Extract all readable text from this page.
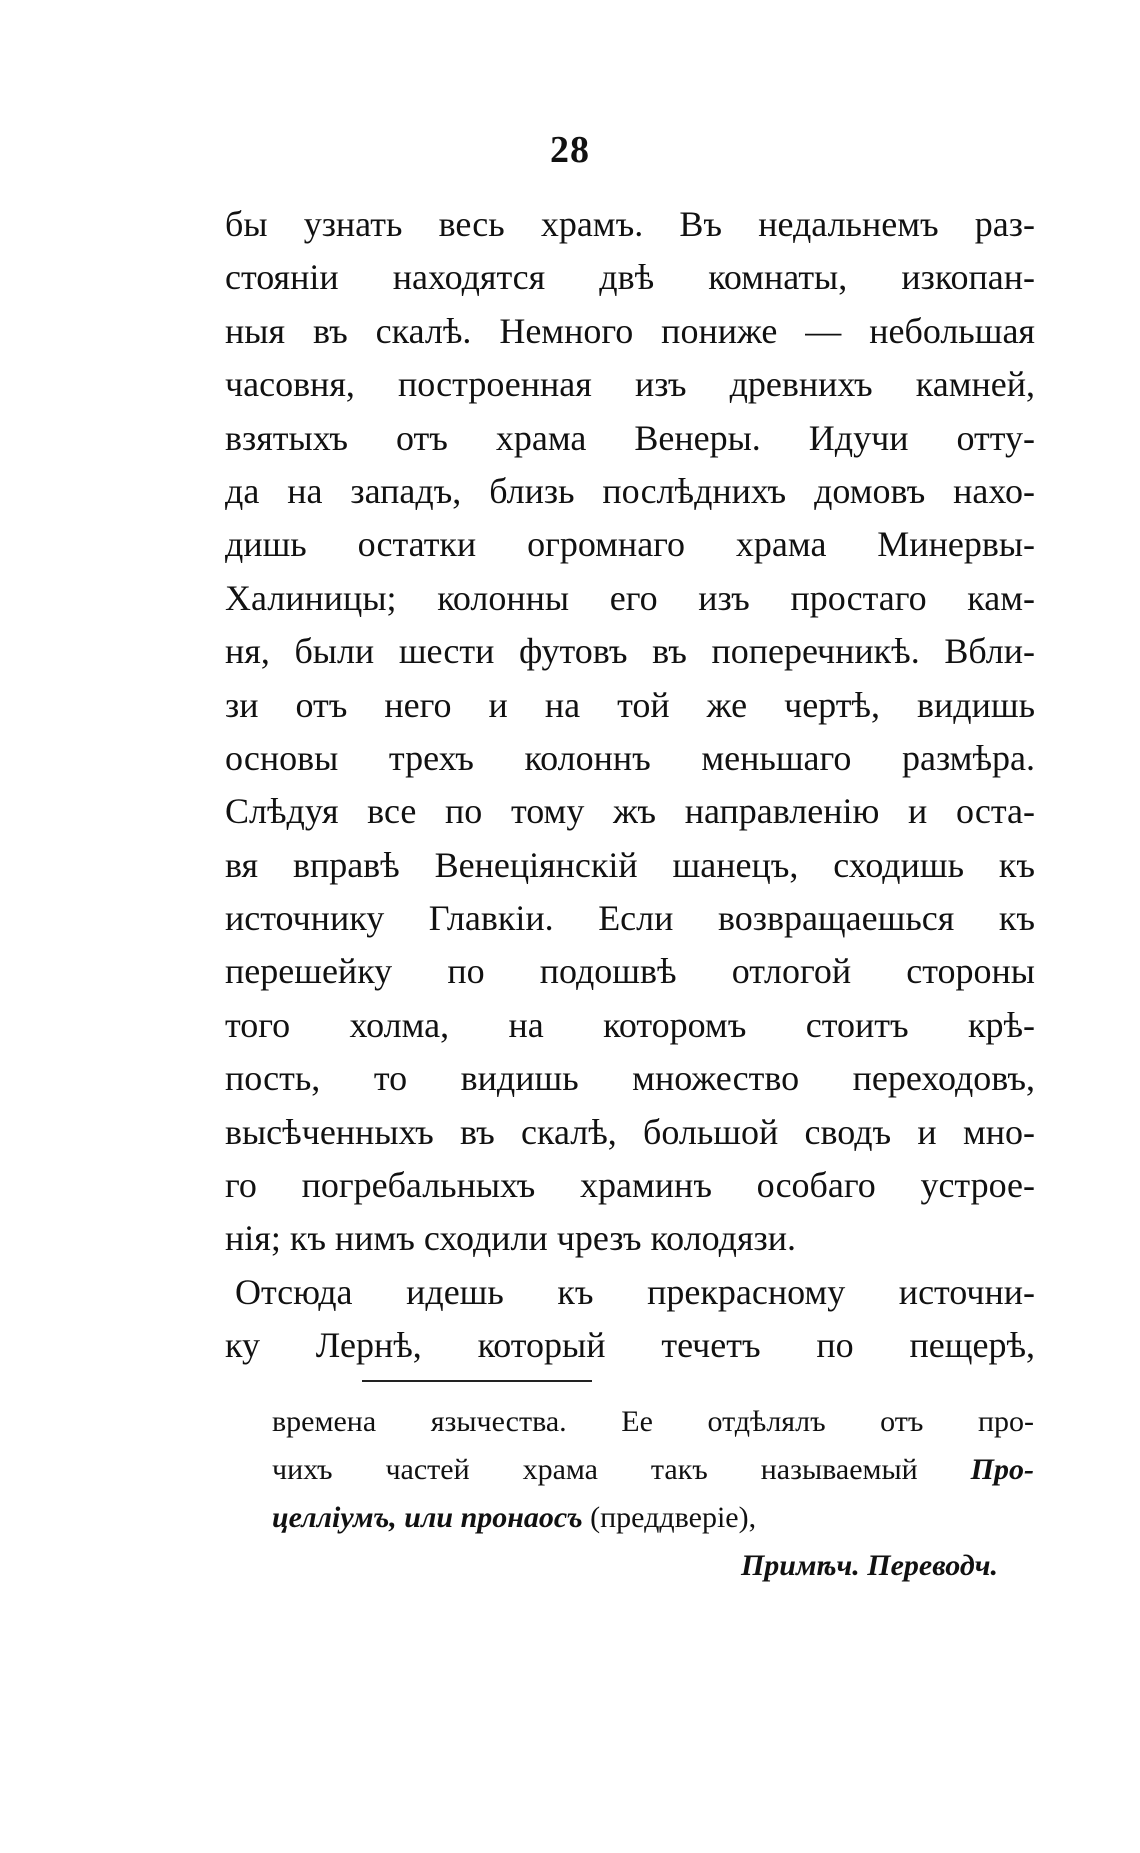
28
бы узнать весь храмъ. Въ недальнемъ раз-
стояніи находятся двѣ комнаты, изкопан-
ныя въ скалѣ. Немного пониже — небольшая
часовня, построенная изъ древнихъ камней,
взятыхъ отъ храма Венеры. Идучи отту-
да на западъ, близь послѣднихъ домовъ нахо-
дишь остатки огромнаго храма Минервы-
Халиницы; колонны его изъ простаго кам-
ня, были шести футовъ въ поперечникѣ. Вбли-
зи отъ него и на той же чертѣ, видишь
основы трехъ колоннъ меньшаго размѣра.
Слѣдуя все по тому жъ направленію и оста-
вя вправѣ Венеціянскій шанецъ, сходишь къ
источнику Главкіи. Если возвращаешься къ
перешейку по подошвѣ отлогой стороны
того холма, на которомъ стоитъ крѣ-
пость, то видишь множество переходовъ,
высѣченныхъ въ скалѣ, большой сводъ и мно-
го погребальныхъ храминъ особаго устрое-
нія; къ нимъ сходили чрезъ колодязи.
Отсюда идешь къ прекрасному источни-
ку Лернѣ, который течетъ по пещерѣ,
времена язычества. Ее отдѣлялъ отъ про-
чихъ частей храма такъ называемый Про-
целліумъ, или пронаосъ (преддверіе),
Примѣч. Переводч.
